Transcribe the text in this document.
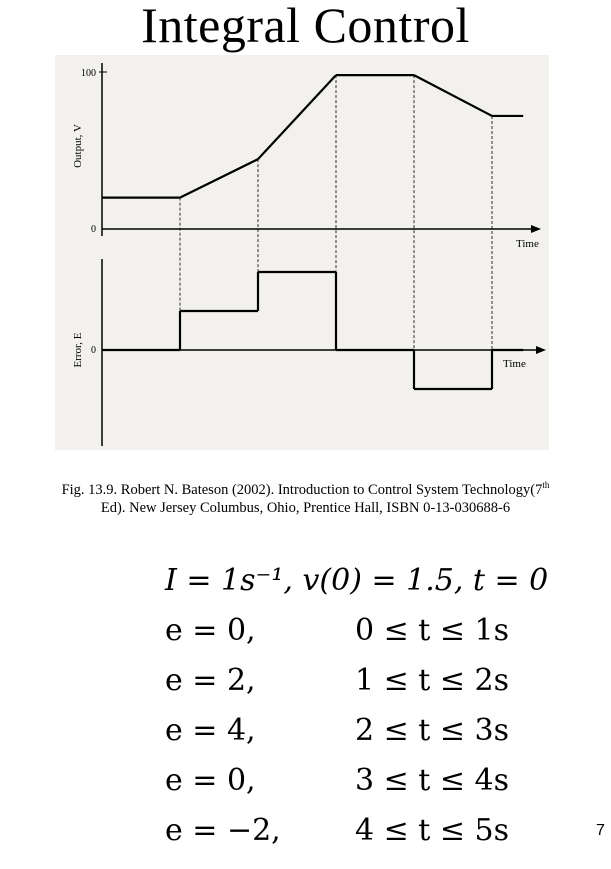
Integral Control
100
0
Time
Output, V
0
Time
Error, E
Fig. 13.9. Robert N. Bateson (2002). Introduction to Control System Technology(7th
Ed). New Jersey Columbus, Ohio, Prentice Hall, ISBN 0-13-030688-6
I = 1s⁻¹, v(0) = 1.5, t = 0
e = 0,	0 ≤ t ≤ 1s
e = 2,	1 ≤ t ≤ 2s
e = 4,	2 ≤ t ≤ 3s
e = 0,	3 ≤ t ≤ 4s
e = −2, 4 ≤ t ≤ 5s	7
